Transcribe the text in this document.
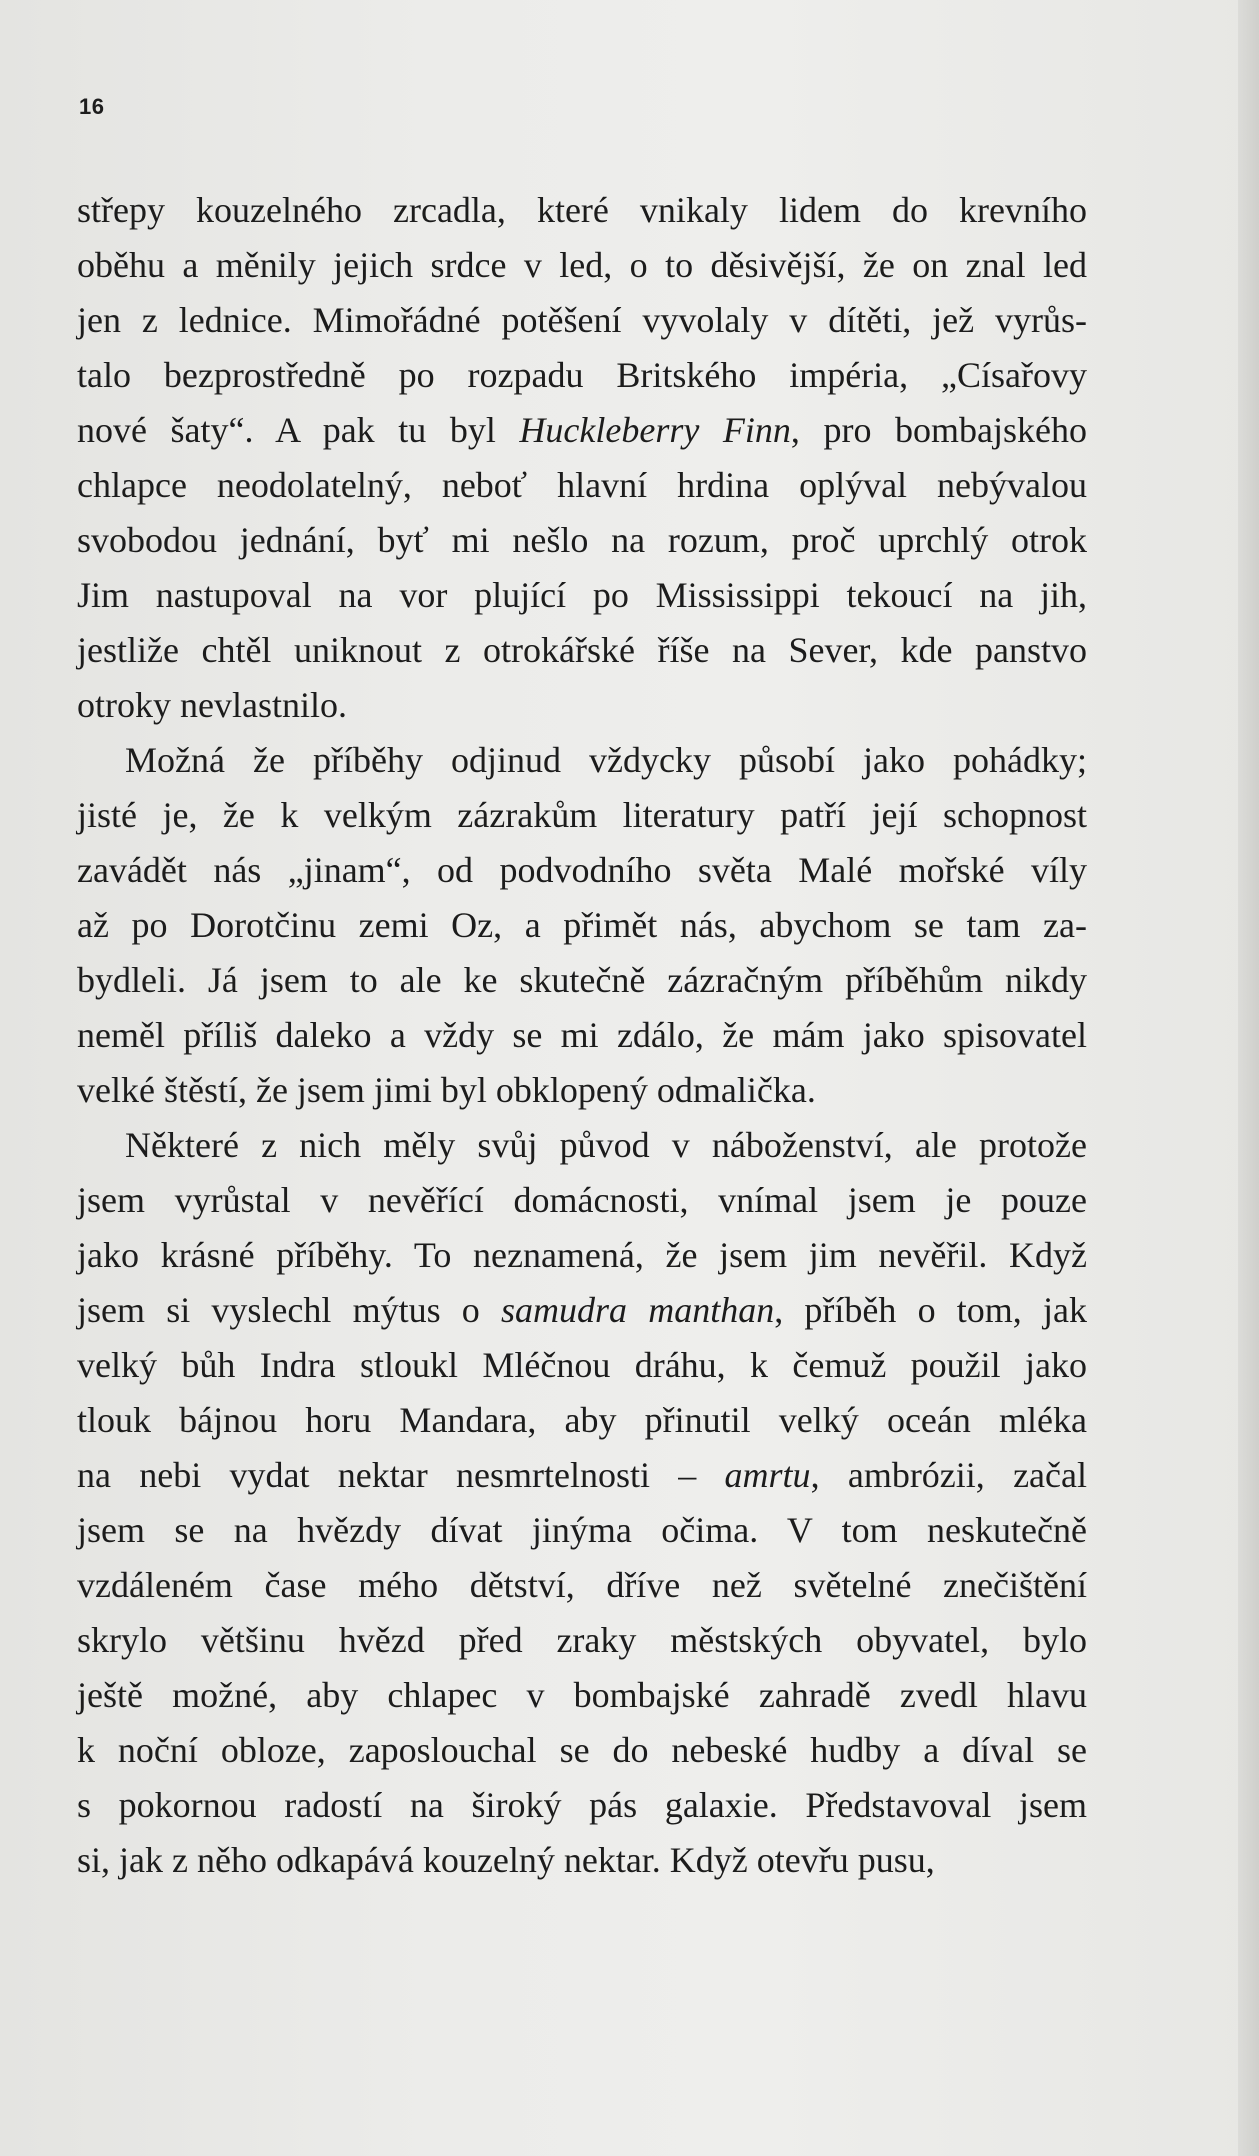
16
střepy kouzelného zrcadla, které vnikaly lidem do krevního
oběhu a měnily jejich srdce v led, o to děsivější, že on znal led
jen z lednice. Mimořádné potěšení vyvolaly v dítěti, jež vyrůs-
talo bezprostředně po rozpadu Britského impéria, „Císařovy
nové šaty“. A pak tu byl Huckleberry Finn, pro bombajského
chlapce neodolatelný, neboť hlavní hrdina oplýval nebývalou
svobodou jednání, byť mi nešlo na rozum, proč uprchlý otrok
Jim nastupoval na vor plující po Mississippi tekoucí na jih,
jestliže chtěl uniknout z otrokářské říše na Sever, kde panstvo
otroky nevlastnilo.
Možná že příběhy odjinud vždycky působí jako pohádky;
jisté je, že k velkým zázrakům literatury patří její schopnost
zavádět nás „jinam“, od podvodního světa Malé mořské víly
až po Dorotčinu zemi Oz, a přimět nás, abychom se tam za-
bydleli. Já jsem to ale ke skutečně zázračným příběhům nikdy
neměl příliš daleko a vždy se mi zdálo, že mám jako spisovatel
velké štěstí, že jsem jimi byl obklopený odmalička.
Některé z nich měly svůj původ v náboženství, ale protože
jsem vyrůstal v nevěřící domácnosti, vnímal jsem je pouze
jako krásné příběhy. To neznamená, že jsem jim nevěřil. Když
jsem si vyslechl mýtus o samudra manthan, příběh o tom, jak
velký bůh Indra stloukl Mléčnou dráhu, k čemuž použil jako
tlouk bájnou horu Mandara, aby přinutil velký oceán mléka
na nebi vydat nektar nesmrtelnosti – amrtu, ambrózii, začal
jsem se na hvězdy dívat jinýma očima. V tom neskutečně
vzdáleném čase mého dětství, dříve než světelné znečištění
skrylo většinu hvězd před zraky městských obyvatel, bylo
ještě možné, aby chlapec v bombajské zahradě zvedl hlavu
k noční obloze, zaposlouchal se do nebeské hudby a díval se
s pokornou radostí na široký pás galaxie. Představoval jsem
si, jak z něho odkapává kouzelný nektar. Když otevřu pusu,
